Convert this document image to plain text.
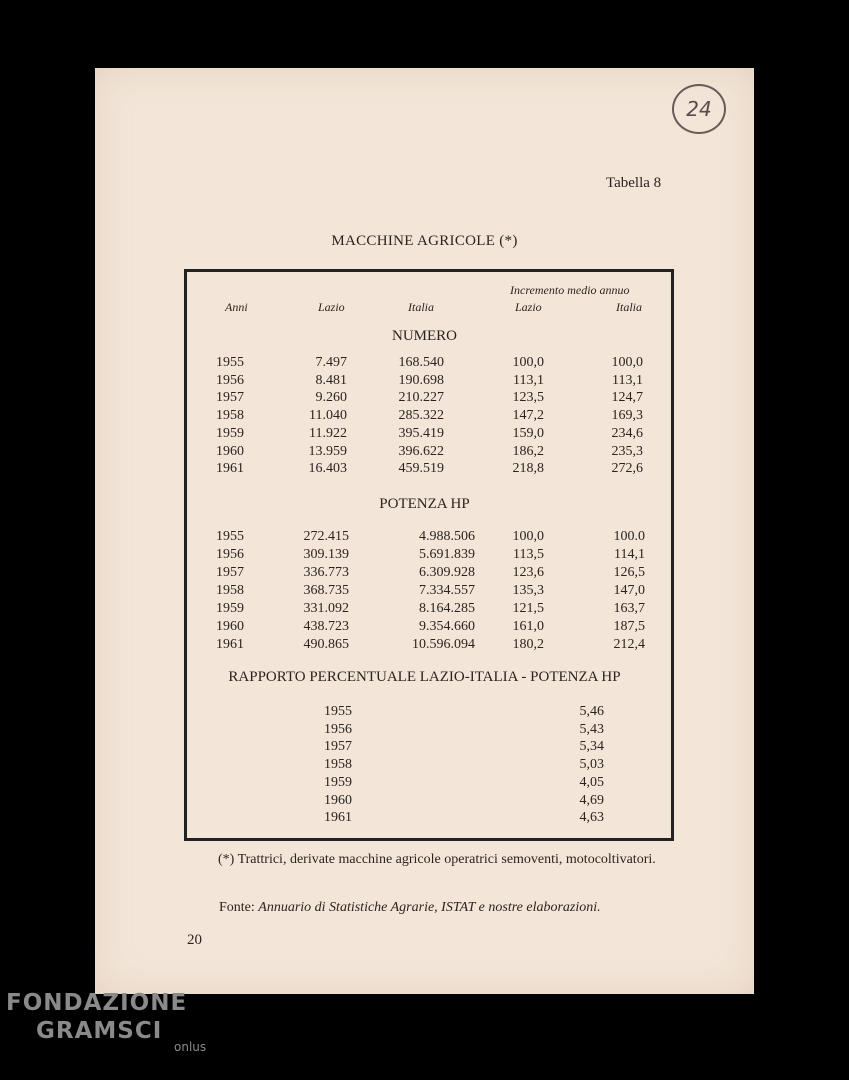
24
Tabella 8
MACCHINE AGRICOLE (*)
Incremento medio annuo
Anni	Lazio	Italia	Lazio	Italia
NUMERO
POTENZA HP
RAPPORTO PERCENTUALE LAZIO-ITALIA - POTENZA HP
1955	7.497	168.540	100,0	100,0
1956	8.481	190.698	113,1	113,1
1957	9.260	210.227	123,5	124,7
1958	11.040	285.322	147,2	169,3
1959	11.922	395.419	159,0	234,6
1960	13.959	396.622	186,2	235,3
1961	16.403	459.519	218,8	272,6
1955	272.415	4.988.506	100,0	100.0
1956	309.139	5.691.839	113,5	114,1
1957	336.773	6.309.928	123,6	126,5
1958	368.735	7.334.557	135,3	147,0
1959	331.092	8.164.285	121,5	163,7
1960	438.723	9.354.660	161,0	187,5
1961	490.865	10.596.094	180,2	212,4
1955	5,46
1956	5,43
1957	5,34
1958	5,03
1959	4,05
1960	4,69
1961	4,63
(*) Trattrici, derivate macchine agricole operatrici semoventi, motocoltivatori.
Fonte: Annuario di Statistiche Agrarie, ISTAT e nostre elaborazioni.
20
FONDAZIONE
GRAMSCI
onlus
